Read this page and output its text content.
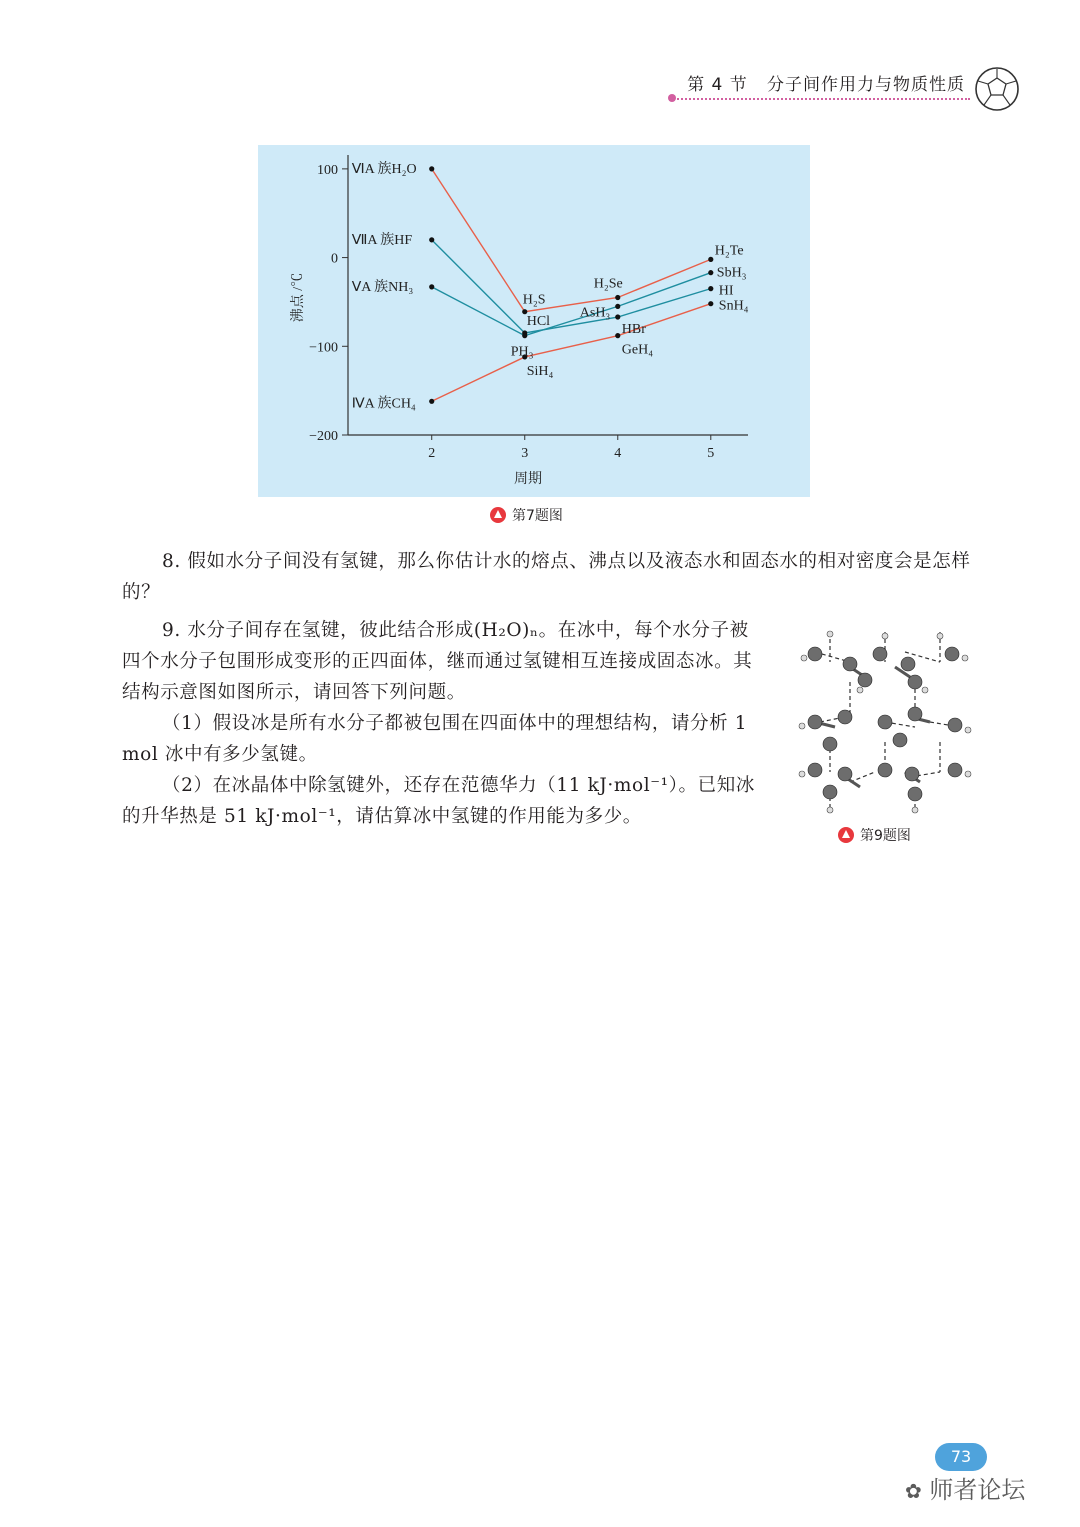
第 4 节 分子间作用力与物质性质
100
0
−100
−200
2	3	4	5
周期
沸点 /℃
ⅥA 族H₂O
H₂S
H₂Se
H₂Te
ⅦA 族HF
HCl
HBr
HI
ⅤA 族NH₃
PH₃
AsH₃
SbH₃
ⅣA 族CH₄
SiH₄
GeH₄
SnH₄
第7题图

8. 假如水分子间没有氢键，那么你估计水的熔点、沸点以及液态水和固态水的相对密度会是怎样的？

9. 水分子间存在氢键，彼此结合形成(H₂O)ₙ。在冰中，每个水分子被四个水分子包围形成变形的正四面体，继而通过氢键相互连接成固态冰。其结构示意图如图所示，请回答下列问题。

（1）假设冰是所有水分子都被包围在四面体中的理想结构，请分析 1 mol 冰中有多少氢键。

（2）在冰晶体中除氢键外，还存在范德华力（11 kJ·mol⁻¹）。已知冰的升华热是 51 kJ·mol⁻¹，请估算冰中氢键的作用能为多少。

第9题图
73
✿ 师者论坛
